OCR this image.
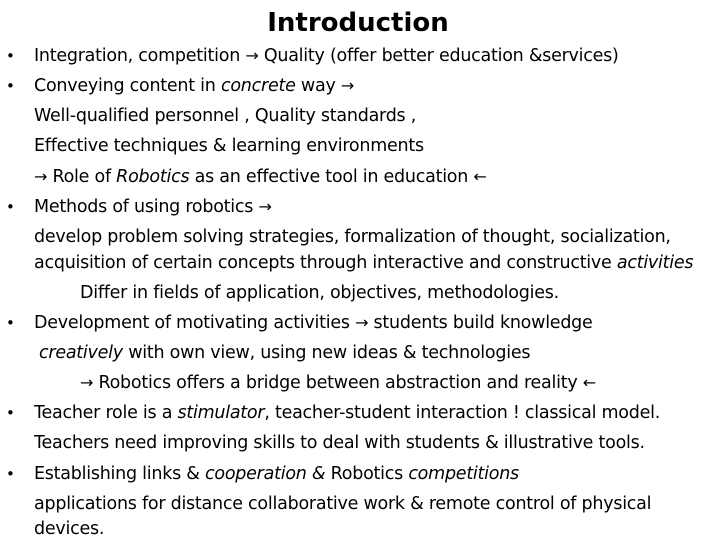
Introduction
• Integration, competition → Quality (offer better education &services)
• Conveying content in concrete way →
Well-qualified personnel , Quality standards ,
Effective techniques & learning environments
→ Role of Robotics as an effective tool in education ←
• Methods of using robotics →
develop problem solving strategies, formalization of thought, socialization,
acquisition of certain concepts through interactive and constructive activities
Differ in fields of application, objectives, methodologies.
• Development of motivating activities → students build knowledge
creatively with own view, using new ideas & technologies
→ Robotics offers a bridge between abstraction and reality ←
• Teacher role is a stimulator, teacher-student interaction ! classical model.
Teachers need improving skills to deal with students & illustrative tools.
• Establishing links & cooperation & Robotics competitions
applications for distance collaborative work & remote control of physical
devices.
